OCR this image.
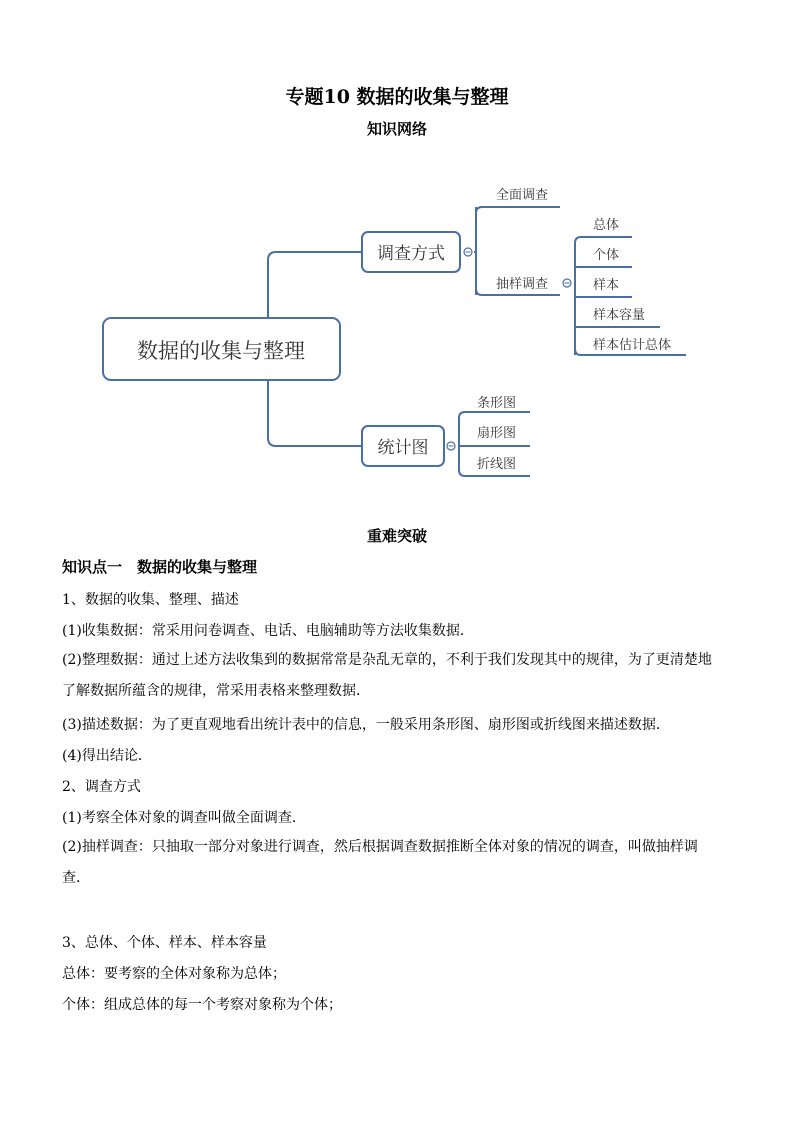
专题10 数据的收集与整理
知识网络
数据的收集与整理
调查方式
全面调查
抽样调查
总体
个体
样本
样本容量
样本估计总体
统计图
条形图
扇形图
折线图
重难突破
知识点一　数据的收集与整理
1、数据的收集、整理、描述
(1)收集数据：常采用问卷调查、电话、电脑辅助等方法收集数据．
(2)整理数据：通过上述方法收集到的数据常常是杂乱无章的，不利于我们发现其中的规律，为了更清楚地了解数据所蕴含的规律，常采用表格来整理数据．
(3)描述数据：为了更直观地看出统计表中的信息，一般采用条形图、扇形图或折线图来描述数据．
(4)得出结论．
2、调查方式
(1)考察全体对象的调查叫做全面调查．
(2)抽样调查：只抽取一部分对象进行调查，然后根据调查数据推断全体对象的情况的调查，叫做抽样调查．
3、总体、个体、样本、样本容量
总体：要考察的全体对象称为总体；
个体：组成总体的每一个考察对象称为个体；
